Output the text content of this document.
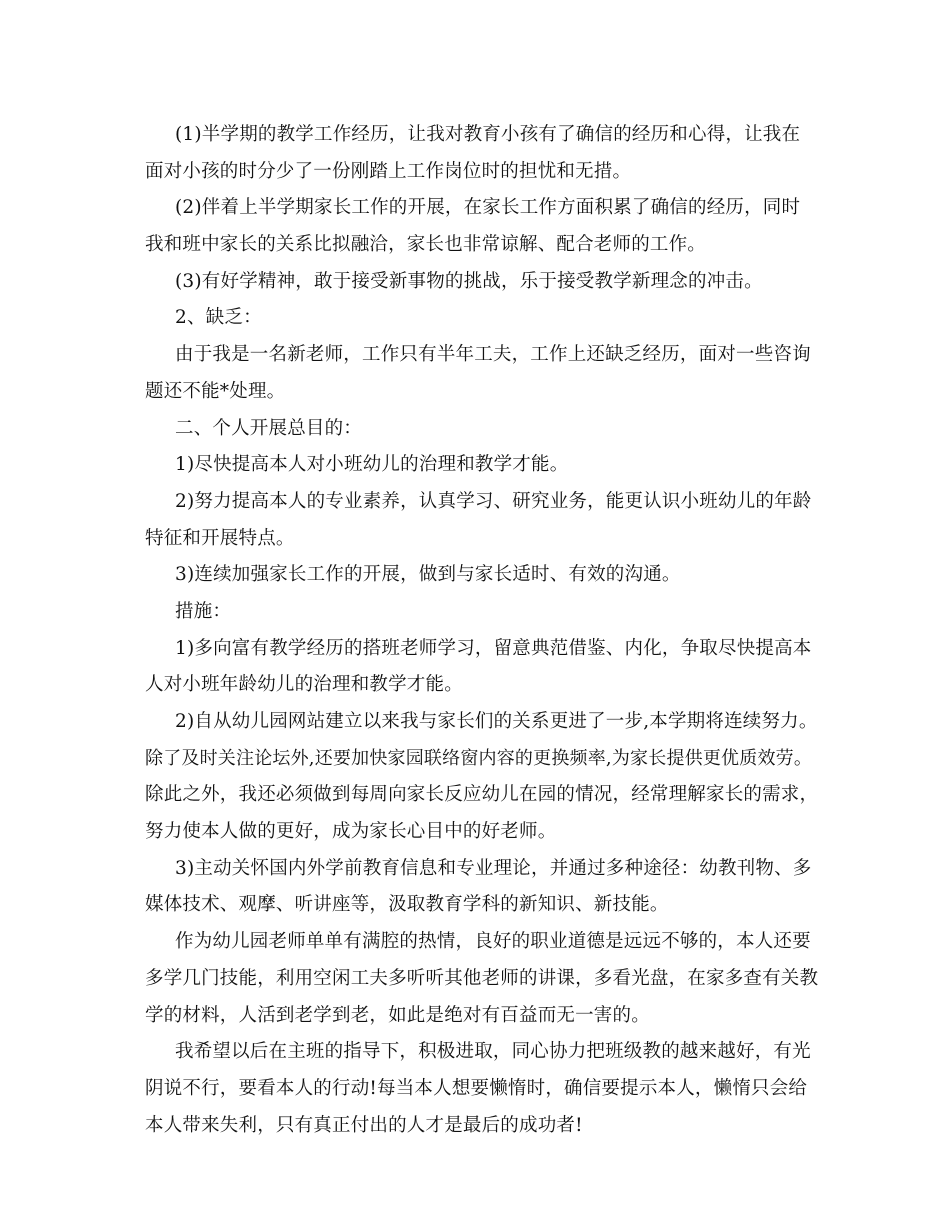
(1)半学期的教学工作经历，让我对教育小孩有了确信的经历和心得，让我在
面对小孩的时分少了一份刚踏上工作岗位时的担忧和无措。
(2)伴着上半学期家长工作的开展，在家长工作方面积累了确信的经历，同时
我和班中家长的关系比拟融洽，家长也非常谅解、配合老师的工作。
(3)有好学精神，敢于接受新事物的挑战，乐于接受教学新理念的冲击。
2、缺乏：
由于我是一名新老师，工作只有半年工夫，工作上还缺乏经历，面对一些咨询
题还不能*处理。
二、个人开展总目的：
1)尽快提高本人对小班幼儿的治理和教学才能。
2)努力提高本人的专业素养，认真学习、研究业务，能更认识小班幼儿的年龄
特征和开展特点。
3)连续加强家长工作的开展，做到与家长适时、有效的沟通。
措施：
1)多向富有教学经历的搭班老师学习，留意典范借鉴、内化，争取尽快提高本
人对小班年龄幼儿的治理和教学才能。
2)自从幼儿园网站建立以来我与家长们的关系更进了一步,本学期将连续努力。
除了及时关注论坛外,还要加快家园联络窗内容的更换频率,为家长提供更优质效劳。
除此之外，我还必须做到每周向家长反应幼儿在园的情况，经常理解家长的需求，
努力使本人做的更好，成为家长心目中的好老师。
3)主动关怀国内外学前教育信息和专业理论，并通过多种途径：幼教刊物、多
媒体技术、观摩、听讲座等，汲取教育学科的新知识、新技能。
作为幼儿园老师单单有满腔的热情，良好的职业道德是远远不够的，本人还要
多学几门技能，利用空闲工夫多听听其他老师的讲课，多看光盘，在家多查有关教
学的材料，人活到老学到老，如此是绝对有百益而无一害的。
我希望以后在主班的指导下，积极进取，同心协力把班级教的越来越好，有光
阴说不行，要看本人的行动!每当本人想要懒惰时，确信要提示本人，懒惰只会给
本人带来失利，只有真正付出的人才是最后的成功者!
